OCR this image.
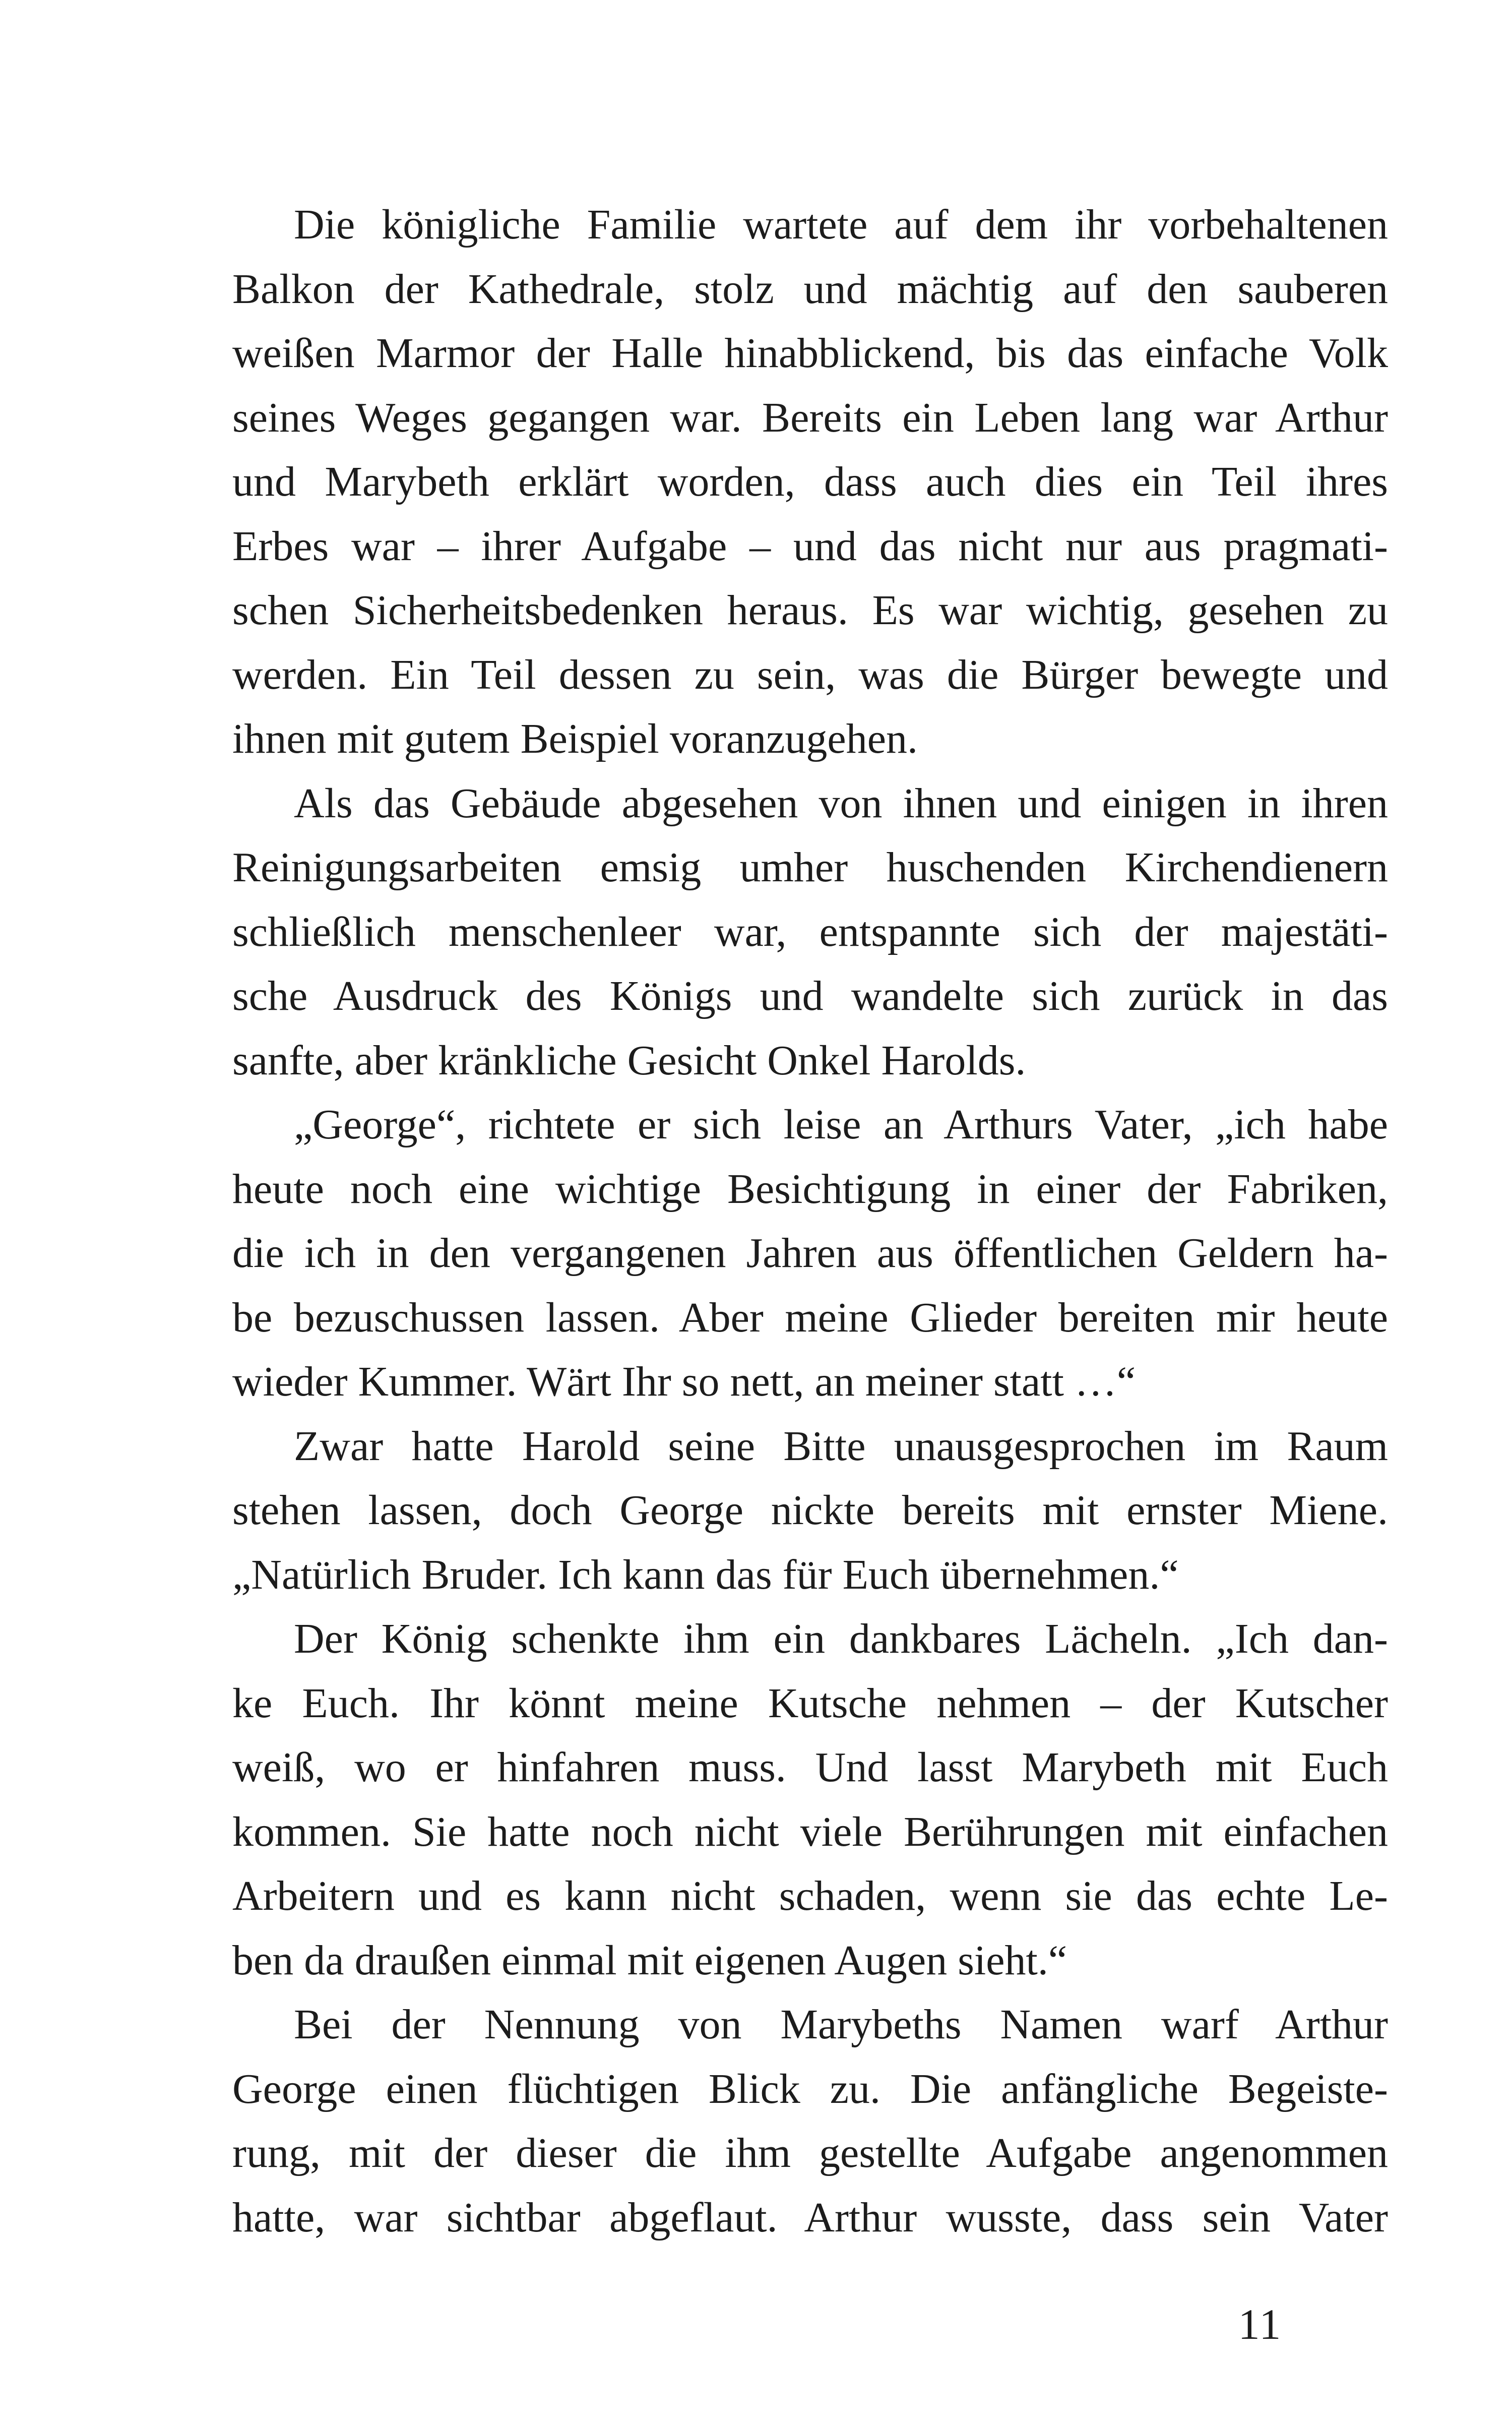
Die königliche Familie wartete auf dem ihr vorbehaltenen
Balkon der Kathedrale, stolz und mächtig auf den sauberen
weißen Marmor der Halle hinabblickend, bis das einfache Volk
seines Weges gegangen war. Bereits ein Leben lang war Arthur
und Marybeth erklärt worden, dass auch dies ein Teil ihres
Erbes war – ihrer Aufgabe – und das nicht nur aus pragmati-
schen Sicherheitsbedenken heraus. Es war wichtig, gesehen zu
werden. Ein Teil dessen zu sein, was die Bürger bewegte und
ihnen mit gutem Beispiel voranzugehen.
Als das Gebäude abgesehen von ihnen und einigen in ihren
Reinigungsarbeiten emsig umher huschenden Kirchendienern
schließlich menschenleer war, entspannte sich der majestäti-
sche Ausdruck des Königs und wandelte sich zurück in das
sanfte, aber kränkliche Gesicht Onkel Harolds.
„George“, richtete er sich leise an Arthurs Vater, „ich habe
heute noch eine wichtige Besichtigung in einer der Fabriken,
die ich in den vergangenen Jahren aus öffentlichen Geldern ha-
be bezuschussen lassen. Aber meine Glieder bereiten mir heute
wieder Kummer. Wärt Ihr so nett, an meiner statt …“
Zwar hatte Harold seine Bitte unausgesprochen im Raum
stehen lassen, doch George nickte bereits mit ernster Miene.
„Natürlich Bruder. Ich kann das für Euch übernehmen.“
Der König schenkte ihm ein dankbares Lächeln. „Ich dan-
ke Euch. Ihr könnt meine Kutsche nehmen – der Kutscher
weiß, wo er hinfahren muss. Und lasst Marybeth mit Euch
kommen. Sie hatte noch nicht viele Berührungen mit einfachen
Arbeitern und es kann nicht schaden, wenn sie das echte Le-
ben da draußen einmal mit eigenen Augen sieht.“
Bei der Nennung von Marybeths Namen warf Arthur
George einen flüchtigen Blick zu. Die anfängliche Begeiste-
rung, mit der dieser die ihm gestellte Aufgabe angenommen
hatte, war sichtbar abgeflaut. Arthur wusste, dass sein Vater
11
